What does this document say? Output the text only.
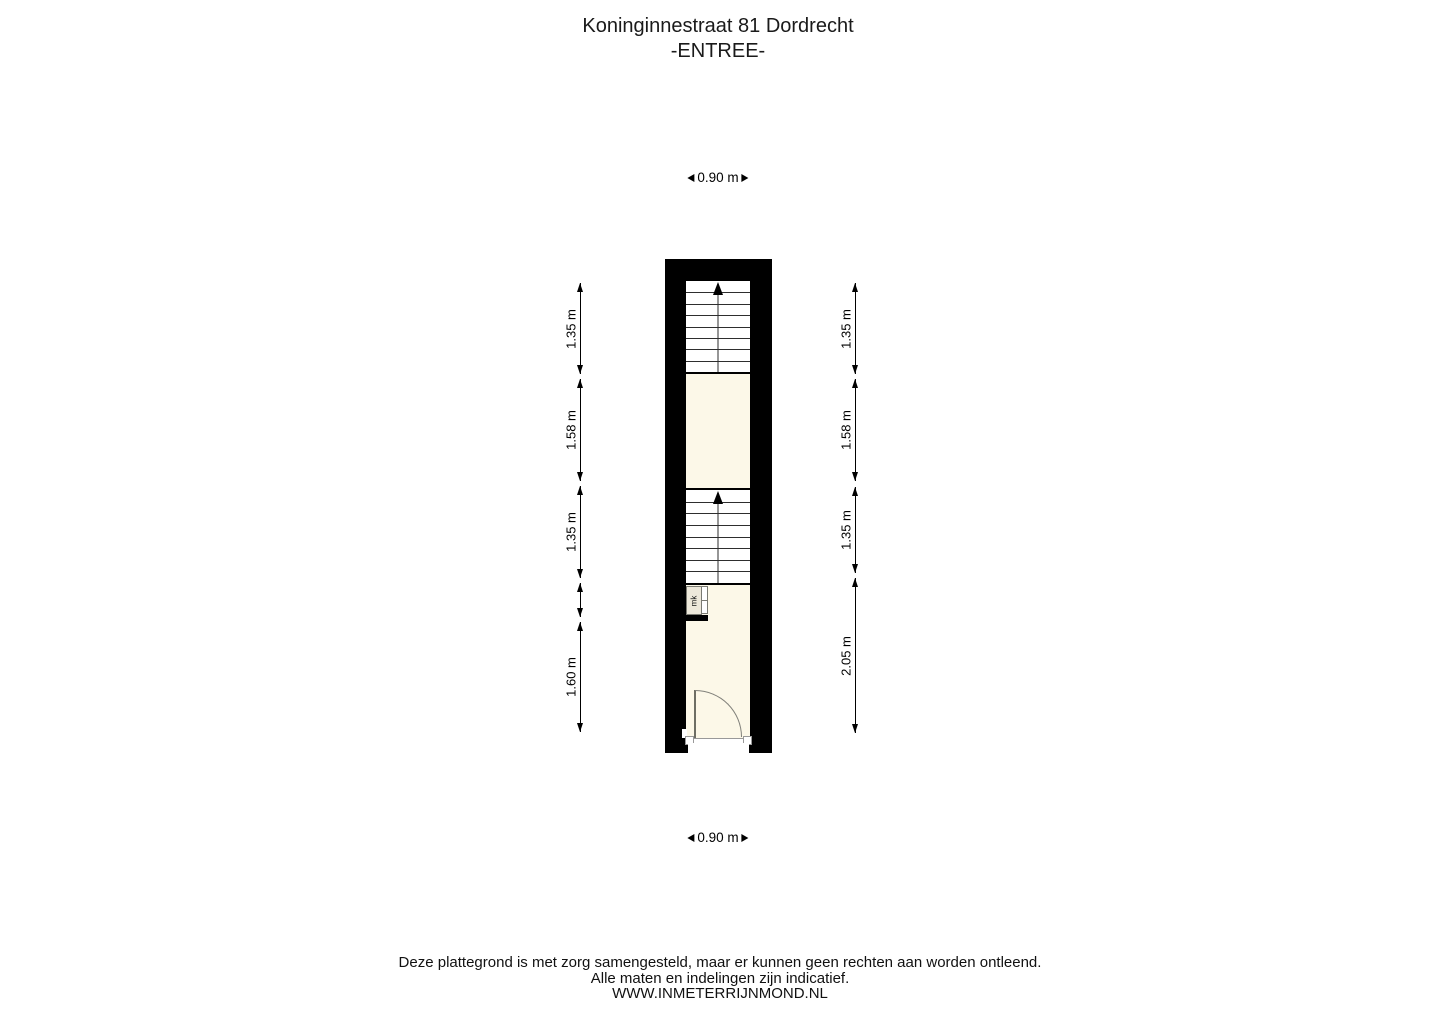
Koninginnestraat 81 Dordrecht
-ENTREE-
0.90 m
1.35 m
1.58 m
1.35 m
1.60 m
1.35 m
1.58 m
1.35 m
2.05 m
mk
0.90 m
Deze plattegrond is met zorg samengesteld, maar er kunnen geen rechten aan worden ontleend.
Alle maten en indelingen zijn indicatief.
WWW.INMETERRIJNMOND.NL
